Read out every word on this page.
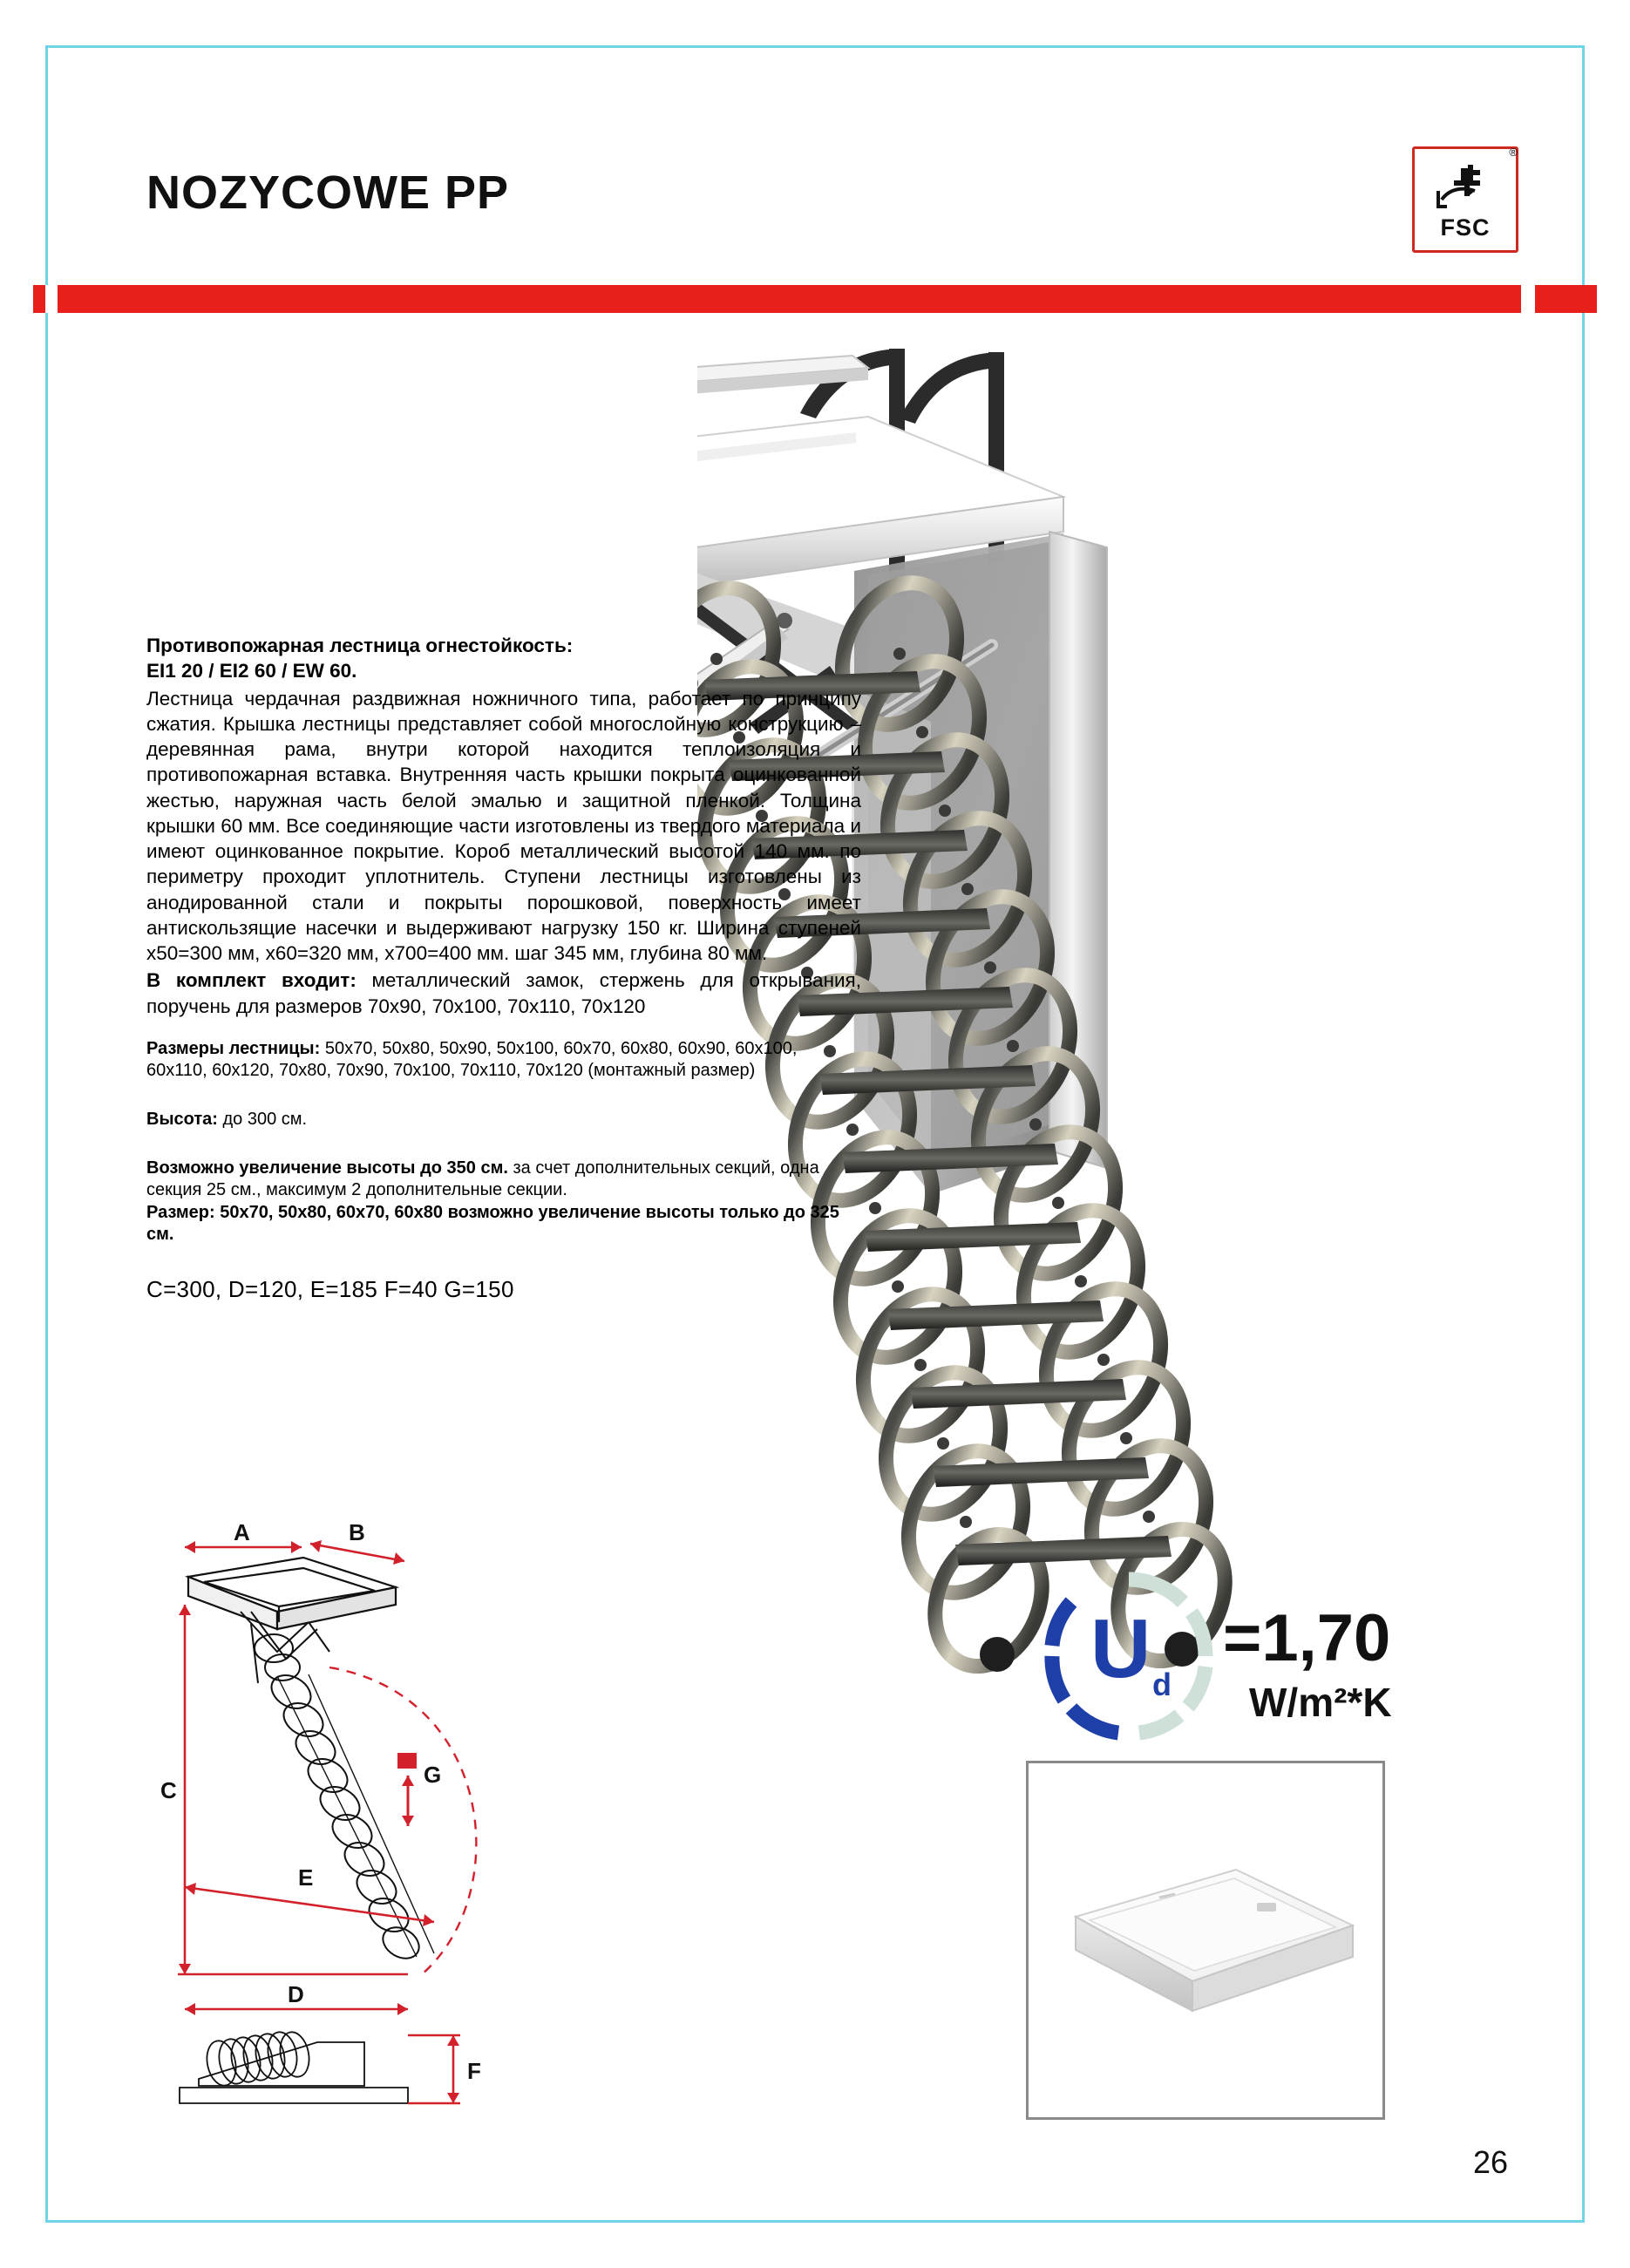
NOZYCOWE PP
®
FSC
Противопожарная лестница огнестойкость:
EI1 20 / EI2 60 / EW 60.
Лестница чердачная раздвижная ножничного типа, работает по принципу сжатия. Крышка лестницы представляет собой многослойную конструкцию – деревянная рама, внутри которой находится теплоизоляция и противопожарная вставка. Внутренняя часть крышки покрыта оцинкованной жестью, наружная часть белой эмалью и защитной пленкой. Толщина крышки 60 мм. Все соединяющие части изготовлены из твердого материала и имеют оцинкованное покрытие. Короб металлический высотой 140 мм. по периметру проходит уплотнитель. Ступени лестницы изготовлены из анодированной стали и покрыты порошковой, поверхность имеет антискользящие насечки и выдерживают нагрузку 150 кг. Ширина ступеней х50=300 мм, х60=320 мм, х700=400 мм. шаг 345 мм, глубина 80 мм.
В комплект входит: металлический замок, стержень для открывания, поручень для размеров 70x90, 70x100, 70x110, 70x120
Размеры лестницы: 50x70, 50x80, 50x90, 50x100, 60x70, 60x80, 60x90, 60x100, 60x110, 60x120, 70x80, 70x90, 70x100, 70x110, 70x120 (монтажный размер)
Высота: до 300 см.
Возможно увеличение высоты до 350 см. за счет дополнительных секций, одна секция 25 см., максимум 2 дополнительные секции.
Размер: 50x70, 50x80, 60x70, 60x80 возможно увеличение высоты только до 325 см.
C=300, D=120, E=185 F=40 G=150
G
A	B
C
D
E
F
U d
=1,70
W/m²*K
26
